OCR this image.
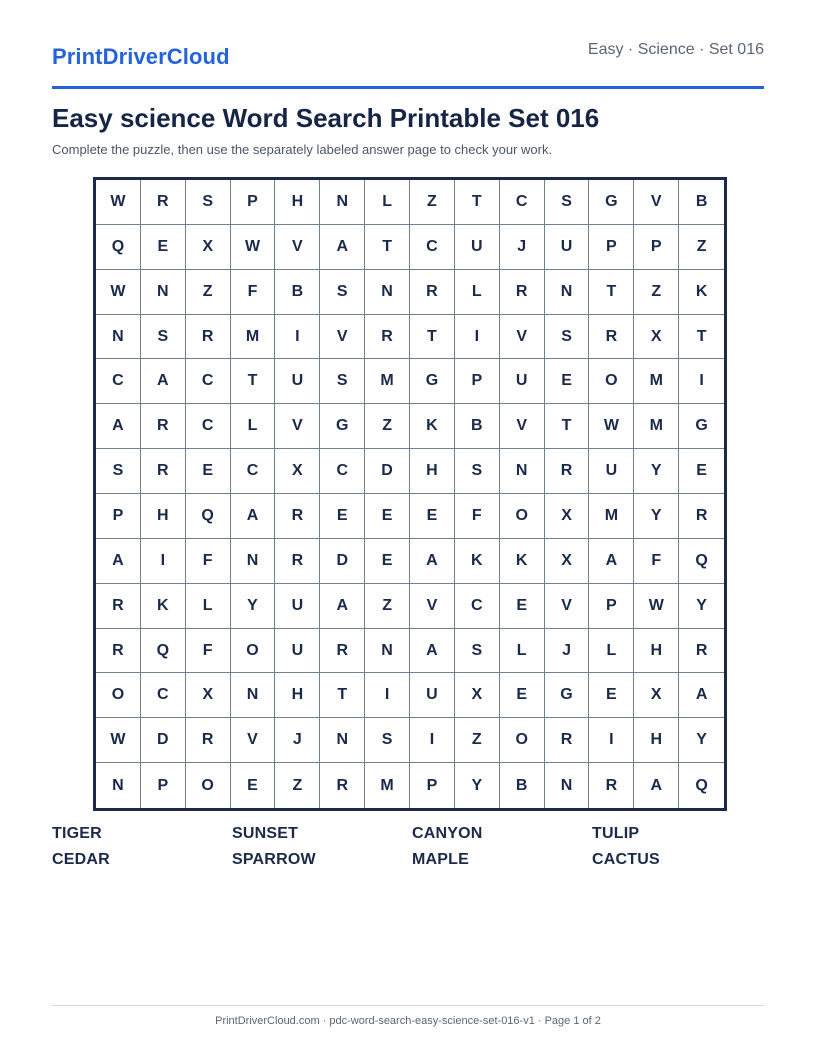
PrintDriverCloud	Easy · Science · Set 016
Easy science Word Search Printable Set 016
Complete the puzzle, then use the separately labeled answer page to check your work.
W	R	S	P	H	N	L	Z	T	C	S	G	V	B
Q	E	X	W	V	A	T	C	U	J	U	P	P	Z
W	N	Z	F	B	S	N	R	L	R	N	T	Z	K
N	S	R	M	I	V	R	T	I	V	S	R	X	T
C	A	C	T	U	S	M	G	P	U	E	O	M	I
A	R	C	L	V	G	Z	K	B	V	T	W	M	G
S	R	E	C	X	C	D	H	S	N	R	U	Y	E
P	H	Q	A	R	E	E	E	F	O	X	M	Y	R
A	I	F	N	R	D	E	A	K	K	X	A	F	Q
R	K	L	Y	U	A	Z	V	C	E	V	P	W	Y
R	Q	F	O	U	R	N	A	S	L	J	L	H	R
O	C	X	N	H	T	I	U	X	E	G	E	X	A
W	D	R	V	J	N	S	I	Z	O	R	I	H	Y
N	P	O	E	Z	R	M	P	Y	B	N	R	A	Q
TIGER	SUNSET	CANYON	TULIP
CEDAR	SPARROW	MAPLE	CACTUS
PrintDriverCloud.com · pdc-word-search-easy-science-set-016-v1 · Page 1 of 2
